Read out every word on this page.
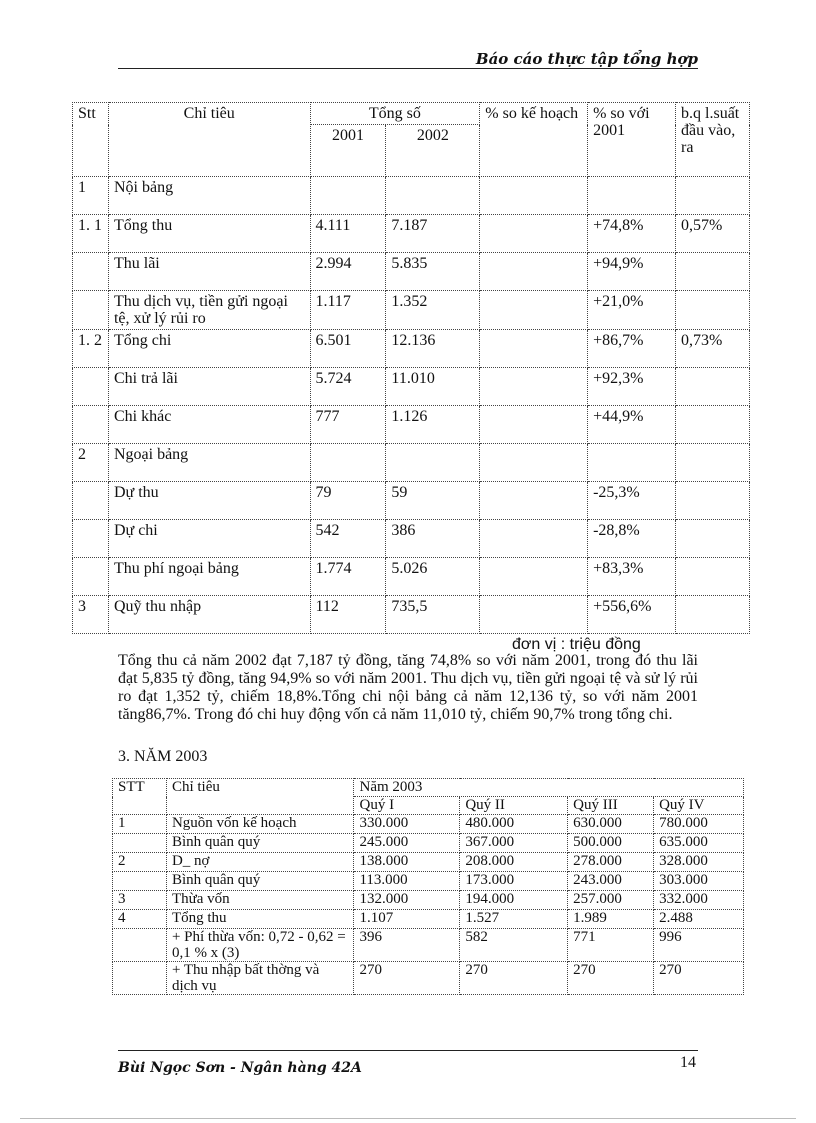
Báo cáo thực tập tổng hợp
Stt	Chỉ tiêu	Tổng số		% so kế hoạch	% so với 2001	b.q l.suất đầu vào, ra
		2001	2002			
1	Nội bảng					
1. 1	Tổng thu	4.111	7.187		+74,8%	0,57%
	Thu lãi	2.994	5.835		+94,9%	
	Thu dịch vụ, tiền gửi ngoại tệ, xử lý rủi ro	1.117	1.352		+21,0%	
1. 2	Tổng chi	6.501	12.136		+86,7%	0,73%
	Chi trả lãi	5.724	11.010		+92,3%	
	Chi khác	777	1.126		+44,9%	
2	Ngoại bảng					
	Dự thu	79	59		-25,3%	
	Dự chi	542	386		-28,8%	
	Thu phí ngoại bảng	1.774	5.026		+83,3%	
3	Quỹ thu nhập	112	735,5		+556,6%	
đơn vị : triệu đồng
Tổng thu cả năm 2002 đạt 7,187 tỷ đồng, tăng 74,8% so với năm 2001, trong đó thu lãi đạt 5,835 tỷ đồng, tăng 94,9% so với năm 2001. Thu dịch vụ, tiền gửi ngoại tệ và sử lý rủi ro đạt 1,352 tỷ, chiếm 18,8%.Tổng chi nội bảng cả năm 12,136 tỷ, so với năm 2001 tăng86,7%. Trong đó chi huy động vốn cả năm 11,010 tỷ, chiếm 90,7% trong tổng chi.
3. NĂM 2003
STT	Chỉ tiêu	Năm 2003			
		Quý I	Quý II	Quý III	Quý IV
1	Nguồn vốn kế hoạch	330.000	480.000	630.000	780.000
	Bình quân quý	245.000	367.000	500.000	635.000
2	D_ nợ	138.000	208.000	278.000	328.000
	Bình quân quý	113.000	173.000	243.000	303.000
3	Thừa vốn	132.000	194.000	257.000	332.000
4	Tổng thu	1.107	1.527	1.989	2.488
	+ Phí thừa vốn: 0,72 - 0,62 = 0,1 % x (3)	396	582	771	996
	+ Thu nhập bất thờng và dịch vụ	270	270	270	270
Bùi Ngọc Sơn - Ngân hàng 42A	14
